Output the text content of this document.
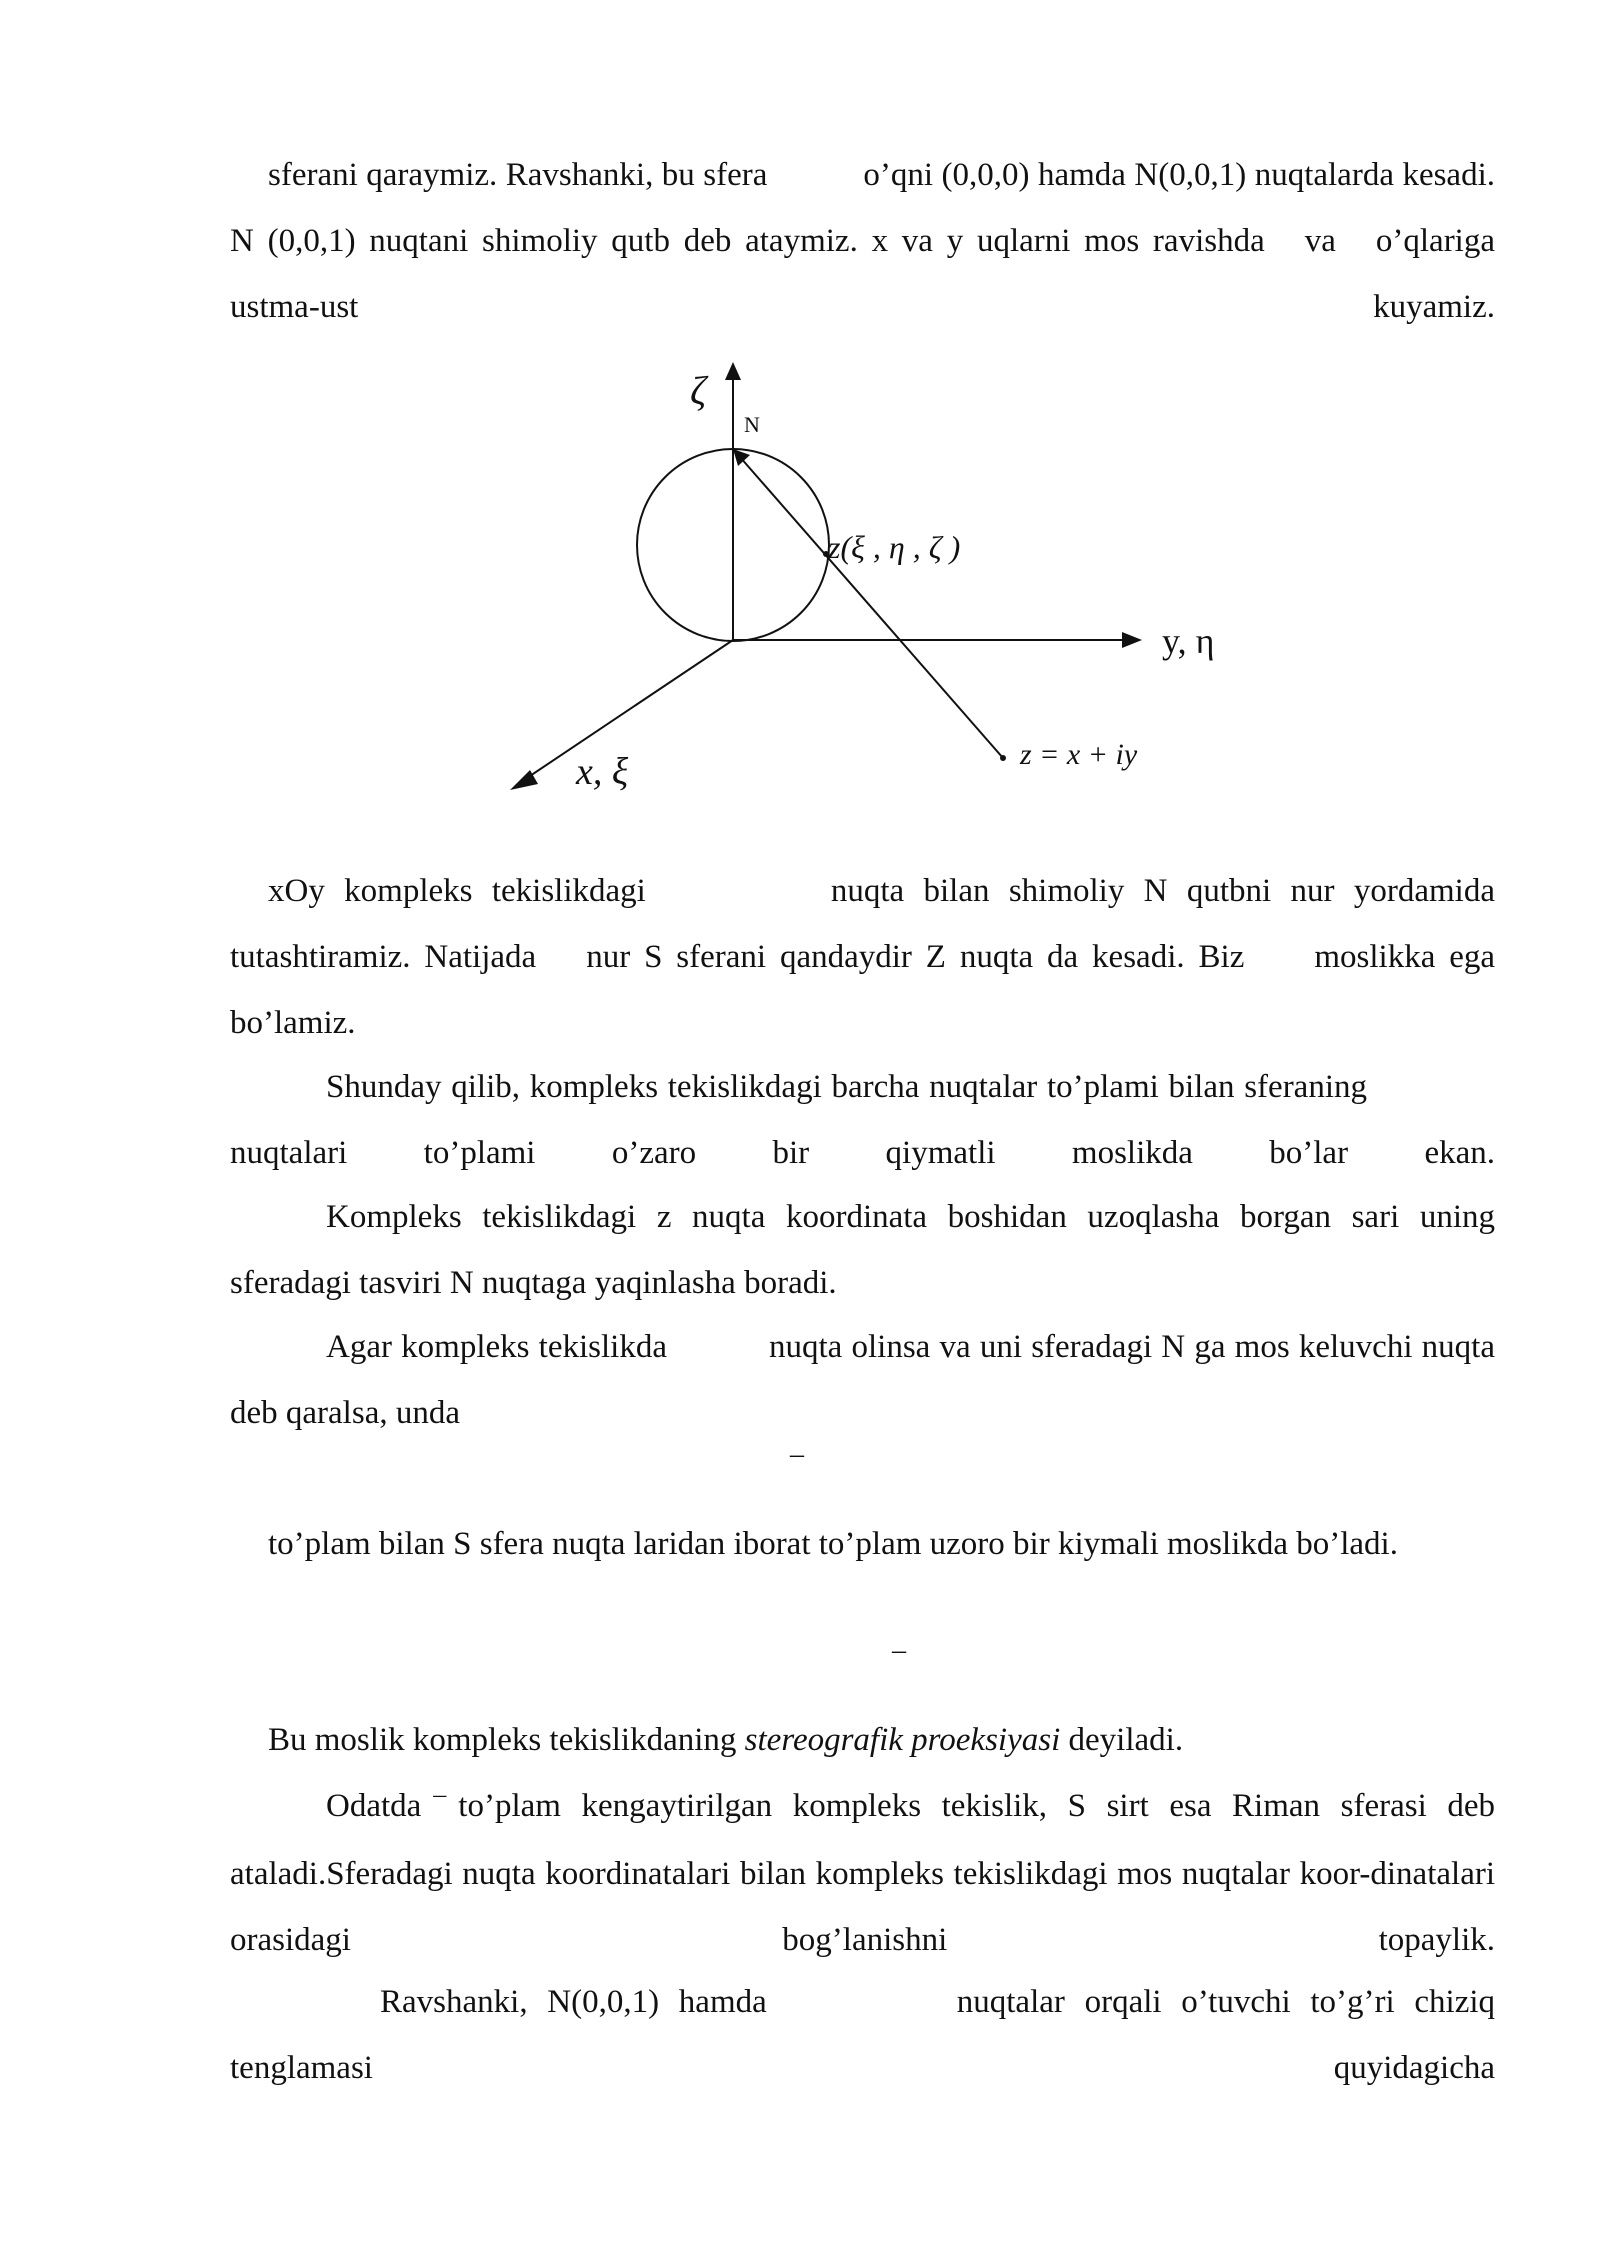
sferani qaraymiz. Ravshanki, bu sfera	o’qni (0,0,0) hamda N(0,0,1) nuqtalarda kesadi. N (0,0,1) nuqtani shimoliy qutb deb ataymiz. x va y uqlarni mos ravishda va o’qlariga ustma-ust kuyamiz.

ζ
N
z(ξ , η , ζ )
y, η
x, ξ	z = x + iy

xOy kompleks tekislikdagi	nuqta bilan shimoliy N qutbni nur yordamida tutashtiramiz. Natijada nur S sferani qandaydir Z nuqta da kesadi. Biz moslikka ega bo’lamiz.

Shunday qilib, kompleks tekislikdagi barcha nuqtalar to’plami bilan sferaningnuqtalari to’plami o’zaro bir qiymatli moslikda bo’lar ekan.

Kompleks tekislikdagi z nuqta koordinata boshidan uzoqlasha borgan sari uning sferadagi tasviri N nuqtaga yaqinlasha boradi.

Agar kompleks tekislikda	nuqta olinsa va uni sferadagi N ga mos keluvchi nuqta deb qaralsa, unda

–

to’plam bilan S sfera nuqta laridan iborat to’plam uzoro bir kiymali moslikda bo’ladi.

–

Bu moslik kompleks tekislikdaning stereografik proeksiyasi deyiladi.

Odatda ¯ to’plam kengaytirilgan kompleks tekislik, S sirt esa Riman sferasi deb ataladi.Sferadagi nuqta koordinatalari bilan kompleks tekislikdagi mos nuqtalar koor-dinatalari orasidagi bog’lanishni topaylik.

Ravshanki, N(0,0,1) hamda	nuqtalar orqali o’tuvchi to’g’ri chiziq tenglamasi quyidagicha
